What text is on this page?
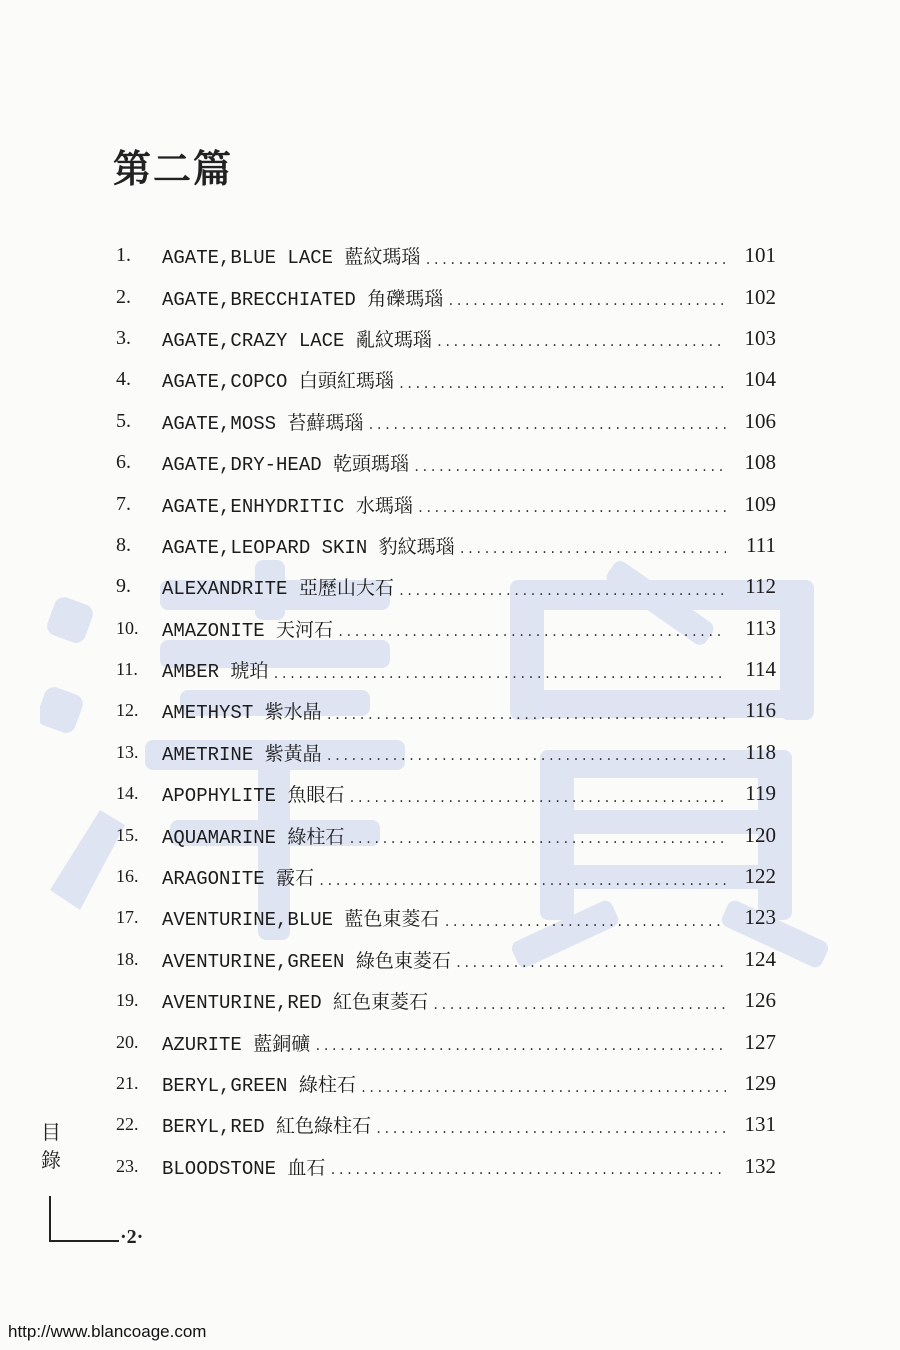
第二篇
1.	AGATE,BLUE LACE 藍紋瑪瑙 .....	101
2.	AGATE,BRECCHIATED 角礫瑪瑙 .....	102
3.	AGATE,CRAZY LACE 亂紋瑪瑙 .....	103
4.	AGATE,COPCO 白頭紅瑪瑙 .....	104
5.	AGATE,MOSS 苔蘚瑪瑙 .....	106
6.	AGATE,DRY-HEAD 乾頭瑪瑙 .....	108
7.	AGATE,ENHYDRITIC 水瑪瑙 .....	109
8.	AGATE,LEOPARD SKIN 豹紋瑪瑙 .....	111
9.	ALEXANDRITE 亞歷山大石 .....	112
10.	AMAZONITE 天河石 .....	113
11.	AMBER 琥珀 .....	114
12.	AMETHYST 紫水晶 .....	116
13.	AMETRINE 紫黃晶 .....	118
14.	APOPHYLITE 魚眼石 .....	119
15.	AQUAMARINE 綠柱石 .....	120
16.	ARAGONITE 霰石 .....	122
17.	AVENTURINE,BLUE 藍色東菱石 .....	123
18.	AVENTURINE,GREEN 綠色東菱石 .....	124
19.	AVENTURINE,RED 紅色東菱石 .....	126
20.	AZURITE 藍銅礦 .....	127
21.	BERYL,GREEN 綠柱石 .....	129
22.	BERYL,RED 紅色綠柱石 .....	131
23.	BLOODSTONE 血石 .....	132
目
錄
·2·
http://www.blancoage.com
